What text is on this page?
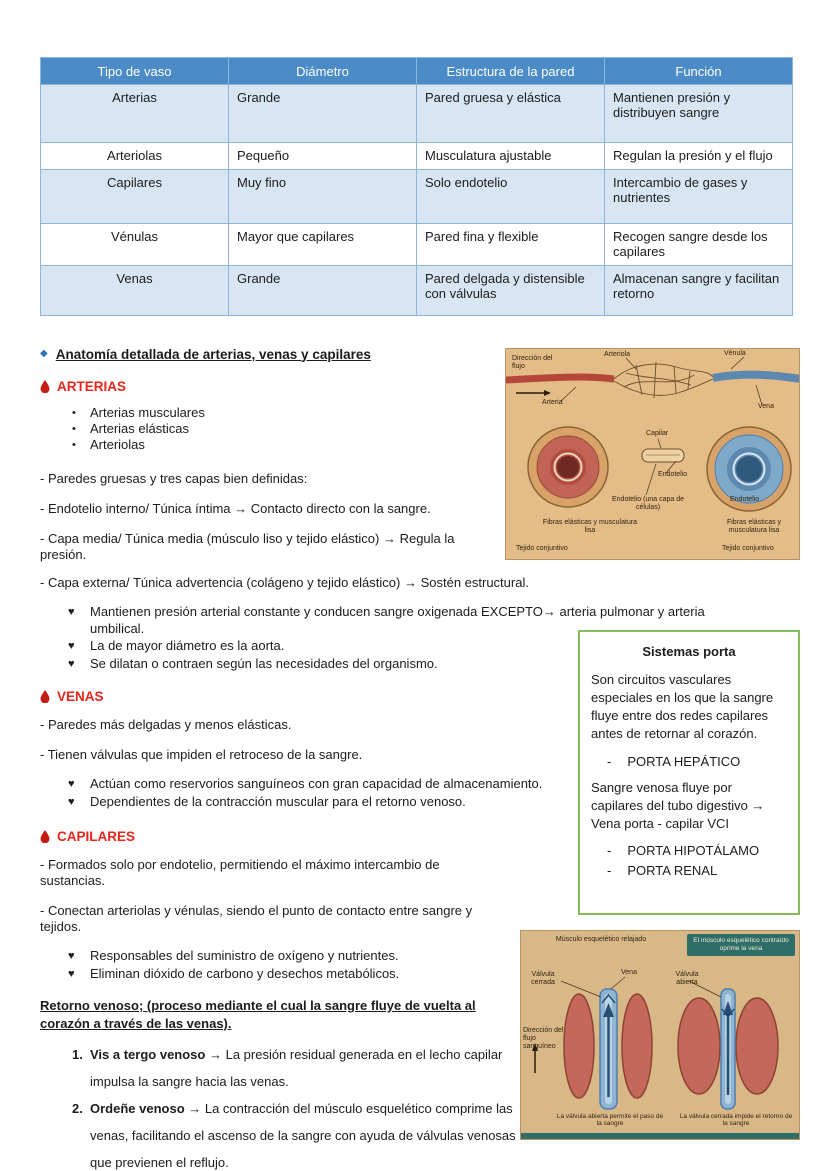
Tipo de vaso	Diámetro	Estructura de la pared	Función
Arterias	Grande	Pared gruesa y elástica	Mantienen presión y distribuyen sangre
Arteriolas	Pequeño	Musculatura ajustable	Regulan la presión y el flujo
Capilares	Muy fino	Solo endotelio	Intercambio de gases y nutrientes
Vénulas	Mayor que capilares	Pared fina y flexible	Recogen sangre desde los capilares
Venas	Grande	Pared delgada y distensible con válvulas	Almacenan sangre y facilitan retorno
◆ Anatomía detallada de arterias, venas y capilares
ARTERIAS
•	Arterias musculares
•	Arterias elásticas
•	Arteriolas

- Paredes gruesas y tres capas bien definidas:

- Endotelio interno/ Túnica íntima → Contacto directo con la sangre.

- Capa media/ Túnica media (músculo liso y tejido elástico) → Regula la presión.

- Capa externa/ Túnica advertencia (colágeno y tejido elástico) → Sostén estructural.

♥	Mantienen presión arterial constante y conducen sangre oxigenada EXCEPTO→ arteria pulmonar y arteria umbilical.
♥	La de mayor diámetro es la aorta.
♥	Se dilatan o contraen según las necesidades del organismo.
VENAS

- Paredes más delgadas y menos elásticas.

- Tienen válvulas que impiden el retroceso de la sangre.

♥	Actúan como reservorios sanguíneos con gran capacidad de almacenamiento.
♥	Dependientes de la contracción muscular para el retorno venoso.
CAPILARES

- Formados solo por endotelio, permitiendo el máximo intercambio de sustancias.

- Conectan arteriolas y vénulas, siendo el punto de contacto entre sangre y tejidos.

♥	Responsables del suministro de oxígeno y nutrientes.
♥	Eliminan dióxido de carbono y desechos metabólicos.
Retorno venoso; (proceso mediante el cual la sangre fluye de vuelta al corazón a través de las venas).
1. Vis a tergo venoso → La presión residual generada en el lecho capilar impulsa la sangre hacia las venas.
2. Ordeñe venoso → La contracción del músculo esquelético comprime las venas, facilitando el ascenso de la sangre con ayuda de válvulas venosas que previenen el reflujo.
Dirección del flujo
Arteriola	Vénula
Arteria
Vena
Capilar
Endotelio
Endotelio (una capa de células)
Fibras elásticas y musculatura lisa
Tejido conjuntivo
Endotelio
Fibras elásticas y musculatura lisa
Tejido conjuntivo
Sistemas porta

Son circuitos vasculares especiales en los que la sangre fluye entre dos redes capilares antes de retornar al corazón.

- PORTA HEPÁTICO

Sangre venosa fluye por capilares del tubo digestivo → Vena porta - capilar VCI

- PORTA HIPOTÁLAMO
- PORTA RENAL
Músculo esquelético relajado	El músculo esquelético contraído oprime la vena
Válvula cerrada
Vena	Válvula abierta
Dirección del flujo sanguíneo
La válvula abierta permite el paso de la sangre
La válvula cerrada impide el retorno de la sangre
